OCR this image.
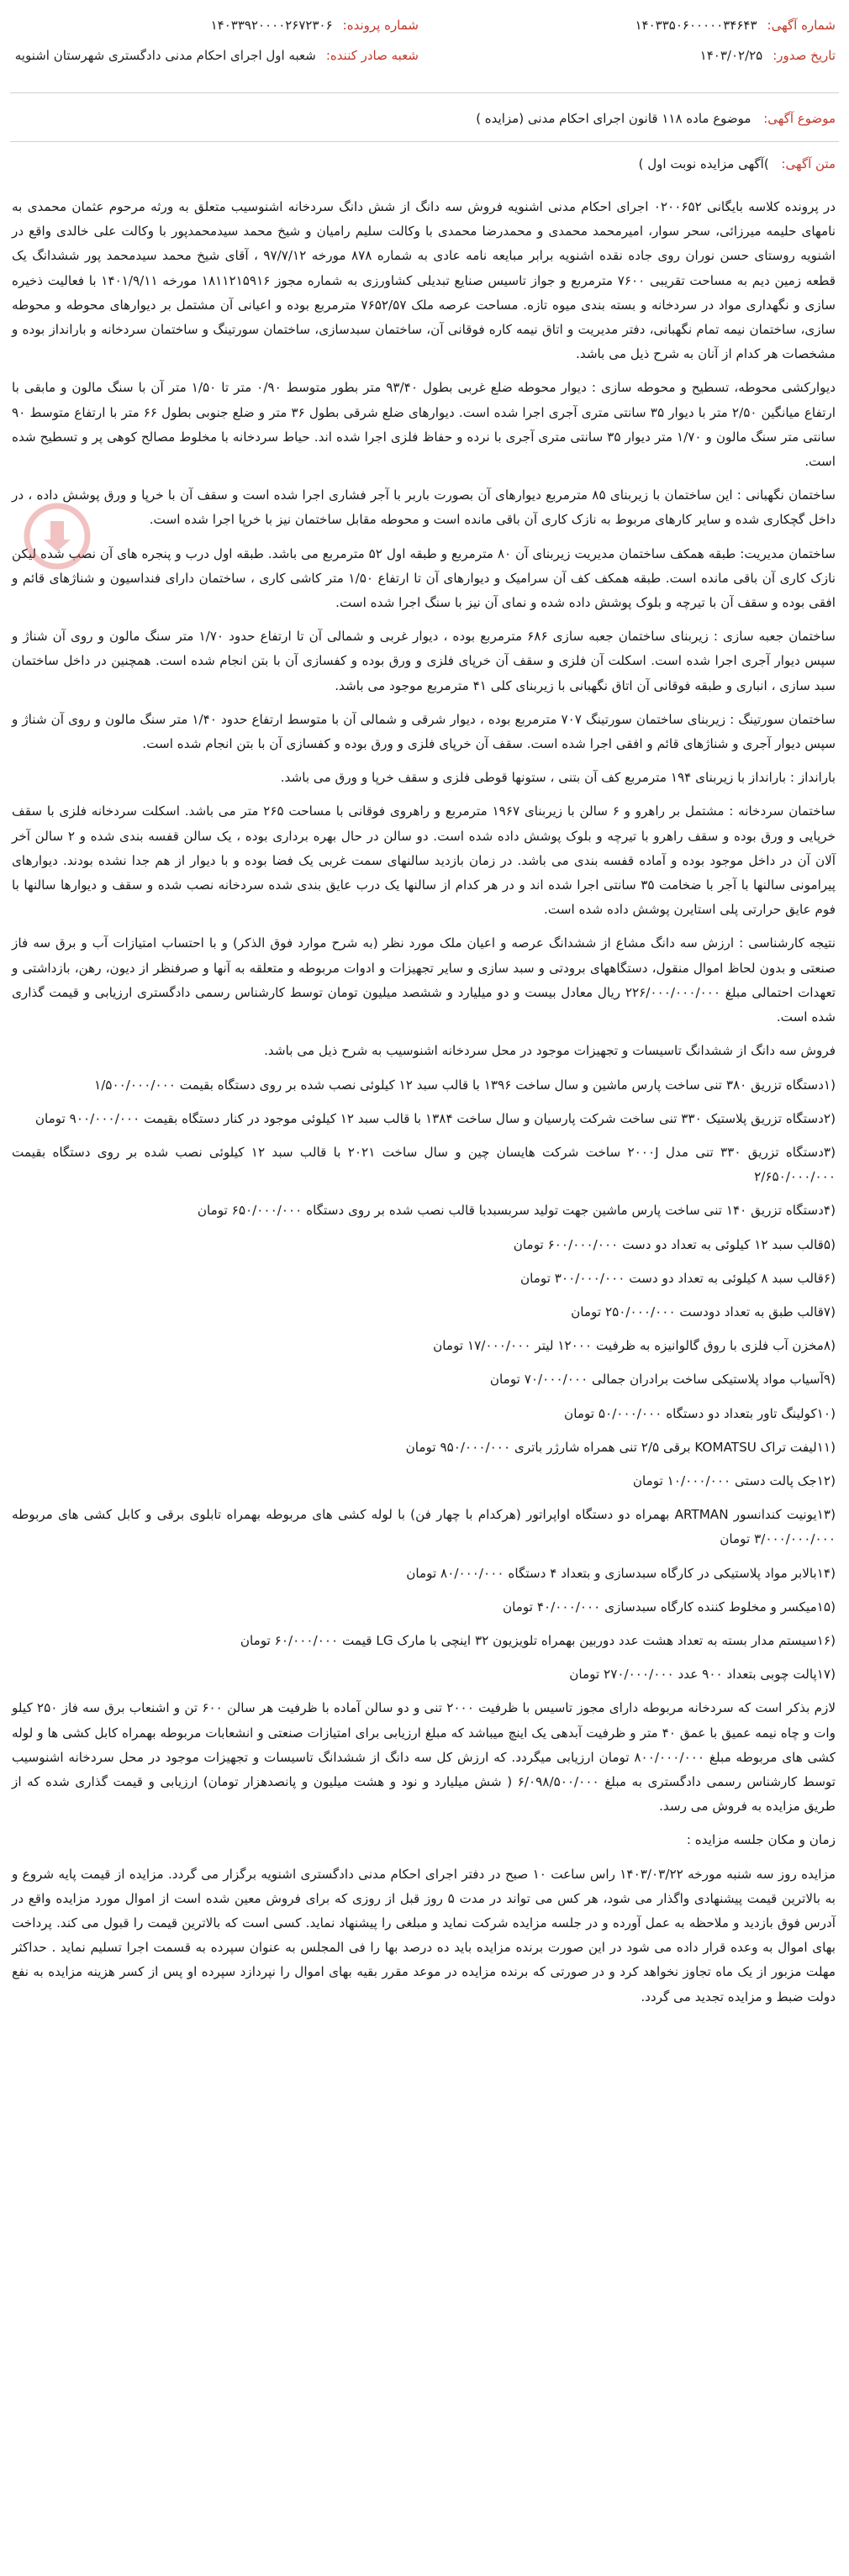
شماره آگهی:
۱۴۰۳۳۵۰۶۰۰۰۰۰۳۴۶۴۳
تاریخ صدور:
۱۴۰۳/۰۲/۲۵
شماره پرونده:
۱۴۰۳۳۹۲۰۰۰۰۲۶۷۲۳۰۶
شعبه صادر کننده:
شعبه اول اجرای احکام مدنی دادگستری شهرستان اشنویه
موضوع آگهی: موضوع ماده ۱۱۸ قانون اجرای احکام مدنی (مزایده )
متن آگهی: )آگهی مزایده نوبت اول )

در پرونده کلاسه بایگانی ۰۲۰۰۶۵۲ اجرای احکام مدنی اشنویه فروش سه دانگ از شش دانگ سردخانه اشنوسیب متعلق به ورثه مرحوم عثمان محمدی به نامهای حلیمه میرزائی، سحر سوار، امیرمحمد محمدی و محمدرضا محمدی با وکالت سلیم رامیان و شیخ محمد سیدمحمدپور با وکالت علی خالدی واقع در اشنویه روستای حسن نوران روی جاده نقده اشنویه برابر مبایعه نامه عادی به شماره ۸۷۸ مورخه ۹۷/۷/۱۲ ، آقای شیخ محمد سیدمحمد پور ششدانگ یک قطعه زمین دیم به مساحت تقریبی ۷۶۰۰ مترمربع و جواز تاسیس صنایع تبدیلی کشاورزی به شماره مجوز ۱۸۱۱۲۱۵۹۱۶ مورخه ۱۴۰۱/۹/۱۱ با فعالیت ذخیره سازی و نگهداری مواد در سردخانه و بسته بندی میوه تازه. مساحت عرصه ملک ۷۶۵۲/۵۷ مترمربع بوده و اعیانی آن مشتمل بر دیوارهای محوطه و محوطه سازی، ساختمان نیمه تمام نگهبانی، دفتر مدیریت و اتاق نیمه کاره فوقانی آن، ساختمان سبدسازی، ساختمان سورتینگ و ساختمان سردخانه و بارانداز بوده و مشخصات هر کدام از آنان به شرح ذیل می باشد.

دیوارکشی محوطه، تسطیح و محوطه سازی : دیوار محوطه ضلع غربی بطول ۹۳/۴۰ متر بطور متوسط ۰/۹۰ متر تا ۱/۵۰ متر آن با سنگ مالون و مابقی با ارتفاع میانگین ۲/۵۰ متر با دیوار ۳۵ سانتی متری آجری اجرا شده است. دیوارهای ضلع شرقی بطول ۳۶ متر و ضلع جنوبی بطول ۶۶ متر با ارتفاع متوسط ۹۰ سانتی متر سنگ مالون و ۱/۷۰ متر دیوار ۳۵ سانتی متری آجری با نرده و حفاظ فلزی اجرا شده اند. حیاط سردخانه با مخلوط مصالح کوهی پر و تسطیح شده است.

ساختمان نگهبانی : این ساختمان با زیربنای ۸۵ مترمربع دیوارهای آن بصورت باربر با آجر فشاری اجرا شده است و سقف آن با خرپا و ورق پوشش داده ، در داخل گچکاری شده و سایر کارهای مربوط به نازک کاری آن باقی مانده است و محوطه مقابل ساختمان نیز با خرپا اجرا شده است.

ساختمان مدیریت: طبقه همکف ساختمان مدیریت زیربنای آن ۸۰ مترمربع و طبقه اول ۵۲ مترمربع می باشد. طبقه اول درب و پنجره های آن نصب شده لیکن نازک کاری آن باقی مانده است. طبقه همکف کف آن سرامیک و دیوارهای آن تا ارتفاع ۱/۵۰ متر کاشی کاری ، ساختمان دارای فنداسیون و شناژهای قائم و افقی بوده و سقف آن با تیرچه و بلوک پوشش داده شده و نمای آن نیز با سنگ اجرا شده است.

ساختمان جعبه سازی : زیربنای ساختمان جعبه سازی ۶۸۶ مترمربع بوده ، دیوار غربی و شمالی آن تا ارتفاع حدود ۱/۷۰ متر سنگ مالون و روی آن شناژ و سپس دیوار آجری اجرا شده است. اسکلت آن فلزی و سقف آن خرپای فلزی و ورق بوده و کفسازی آن با بتن انجام شده است. همچنین در داخل ساختمان سبد سازی ، انباری و طبقه فوقانی آن اتاق نگهبانی با زیربنای کلی ۴۱ مترمربع موجود می باشد.

ساختمان سورتینگ : زیربنای ساختمان سورتینگ ۷۰۷ مترمربع بوده ، دیوار شرقی و شمالی آن با متوسط ارتفاع حدود ۱/۴۰ متر سنگ مالون و روی آن شناژ و سپس دیوار آجری و شناژهای قائم و افقی اجرا شده است. سقف آن خرپای فلزی و ورق بوده و کفسازی آن با بتن انجام شده است.

بارانداز : بارانداز با زیربنای ۱۹۴ مترمربع کف آن بتنی ، ستونها قوطی فلزی و سقف خرپا و ورق می باشد.

ساختمان سردخانه : مشتمل بر راهرو و ۶ سالن با زیربنای ۱۹۶۷ مترمربع و راهروی فوقانی با مساحت ۲۶۵ متر می باشد. اسکلت سردخانه فلزی با سقف خرپایی و ورق بوده و سقف راهرو با تیرچه و بلوک پوشش داده شده است. دو سالن در حال بهره برداری بوده ، یک سالن قفسه بندی شده و ۲ سالن آخر آلان آن در داخل موجود بوده و آماده قفسه بندی می باشد. در زمان بازدید سالنهای سمت غربی یک فضا بوده و با دیوار از هم جدا نشده بودند. دیوارهای پیرامونی سالنها با آجر با ضخامت ۳۵ سانتی اجرا شده اند و در هر کدام از سالنها یک درب عایق بندی شده سردخانه نصب شده و سقف و دیوارها سالنها با فوم عایق حرارتی پلی استایرن پوشش داده شده است.

نتیجه کارشناسی : ارزش سه دانگ مشاع از ششدانگ عرصه و اعیان ملک مورد نظر (به شرح موارد فوق الذکر) و با احتساب امتیازات آب و برق سه فاز صنعتی و بدون لحاظ اموال منقول، دستگاههای برودتی و سبد سازی و سایر تجهیزات و ادوات مربوطه و متعلقه به آنها و صرفنظر از دیون، رهن، بازداشتی و تعهدات احتمالی مبلغ ۲۲۶/۰۰۰/۰۰۰/۰۰۰ ریال معادل بیست و دو میلیارد و ششصد میلیون تومان توسط کارشناس رسمی دادگستری ارزیابی و قیمت گذاری شده است.

فروش سه دانگ از ششدانگ تاسیسات و تجهیزات موجود در محل سردخانه اشنوسیب به شرح ذیل می باشد.

(۱دستگاه تزریق ۳۸۰ تنی ساخت پارس ماشین و سال ساخت ۱۳۹۶ با قالب سبد ۱۲ کیلوئی نصب شده بر روی دستگاه بقیمت ۱/۵۰۰/۰۰۰/۰۰۰

(۲دستگاه تزریق پلاستیک ۳۳۰ تنی ساخت شرکت پارسیان و سال ساخت ۱۳۸۴ با قالب سبد ۱۲ کیلوئی موجود در کنار دستگاه بقیمت ۹۰۰/۰۰۰/۰۰۰ تومان

(۳دستگاه تزریق ۳۳۰ تنی مدل ۲۰۰۰J ساخت شرکت هایسان چین و سال ساخت ۲۰۲۱ با قالب سبد ۱۲ کیلوئی نصب شده بر روی دستگاه بقیمت ۲/۶۵۰/۰۰۰/۰۰۰

(۴دستگاه تزریق ۱۴۰ تنی ساخت پارس ماشین جهت تولید سربسبدبا قالب نصب شده بر روی دستگاه ۶۵۰/۰۰۰/۰۰۰ تومان

(۵قالب سبد ۱۲ کیلوئی به تعداد دو دست ۶۰۰/۰۰۰/۰۰۰ تومان

(۶قالب سبد ۸ کیلوئی به تعداد دو دست ۳۰۰/۰۰۰/۰۰۰ تومان

(۷قالب طبق به تعداد دودست ۲۵۰/۰۰۰/۰۰۰ تومان

(۸مخزن آب فلزی با روق گالوانیزه به ظرفیت ۱۲۰۰۰ لیتر ۱۷/۰۰۰/۰۰۰ تومان

(۹آسیاب مواد پلاستیکی ساخت برادران جمالی ۷۰/۰۰۰/۰۰۰ تومان

(۱۰کولینگ تاور بتعداد دو دستگاه ۵۰/۰۰۰/۰۰۰ تومان

(۱۱لیفت تراک KOMATSU برقی ۲/۵ تنی همراه شارژر باتری ۹۵۰/۰۰۰/۰۰۰ تومان

(۱۲جک پالت دستی ۱۰/۰۰۰/۰۰۰ تومان

(۱۳یونیت کندانسور ARTMAN بهمراه دو دستگاه اواپراتور (هرکدام با چهار فن) با لوله کشی های مربوطه بهمراه تابلوی برقی و کابل کشی های مربوطه ۳/۰۰۰/۰۰۰/۰۰۰ تومان

(۱۴بالابر مواد پلاستیکی در کارگاه سبدسازی و بتعداد ۴ دستگاه ۸۰/۰۰۰/۰۰۰ تومان

(۱۵میکسر و مخلوط کننده کارگاه سبدسازی ۴۰/۰۰۰/۰۰۰ تومان

(۱۶سیستم مدار بسته به تعداد هشت عدد دوربین بهمراه تلویزیون ۳۲ اینچی با مارک LG قیمت ۶۰/۰۰۰/۰۰۰ تومان

(۱۷پالت چوبی بتعداد ۹۰۰ عدد ۲۷۰/۰۰۰/۰۰۰ تومان

لازم بذکر است که سردخانه مربوطه دارای مجوز تاسیس با ظرفیت ۲۰۰۰ تنی و دو سالن آماده با ظرفیت هر سالن ۶۰۰ تن و اشنعاب برق سه فاز ۲۵۰ کیلو وات و چاه نیمه عمیق با عمق ۴۰ متر و ظرفیت آبدهی یک اینچ میباشد که مبلغ ارزیابی برای امتیازات صنعتی و انشعابات مربوطه بهمراه کابل کشی ها و لوله کشی های مربوطه مبلغ ۸۰۰/۰۰۰/۰۰۰ تومان ارزیابی میگردد. که ارزش کل سه دانگ از ششدانگ تاسیسات و تجهیزات موجود در محل سردخانه اشنوسیب توسط کارشناس رسمی دادگستری به مبلغ ۶/۰۹۸/۵۰۰/۰۰۰ ( شش میلیارد و نود و هشت میلیون و پانصدهزار تومان) ارزیابی و قیمت گذاری شده که از طریق مزایده به فروش می رسد.

زمان و مکان جلسه مزایده :

مزایده روز سه شنبه مورخه ۱۴۰۳/۰۳/۲۲ راس ساعت ۱۰ صبح در دفتر اجرای احکام مدنی دادگستری اشنویه برگزار می گردد. مزایده از قیمت پایه شروع و به بالاترین قیمت پیشنهادی واگذار می شود، هر کس می تواند در مدت ۵ روز قبل از روزی که برای فروش معین شده است از اموال مورد مزایده واقع در آدرس فوق بازدید و ملاحظه به عمل آورده و در جلسه مزایده شرکت نماید و مبلغی را پیشنهاد نماید. کسی است که بالاترین قیمت را قبول می کند. پرداخت بهای اموال به وعده قرار داده می شود در این صورت برنده مزایده باید ده درصد بها را فی المجلس به عنوان سپرده به قسمت اجرا تسلیم نماید . حداکثر مهلت مزبور از یک ماه تجاوز نخواهد کرد و در صورتی که برنده مزایده در موعد مقرر بقیه بهای اموال را نپردازد سپرده او پس از کسر هزینه مزایده به نفع دولت ضبط و مزایده تجدید می گردد.
